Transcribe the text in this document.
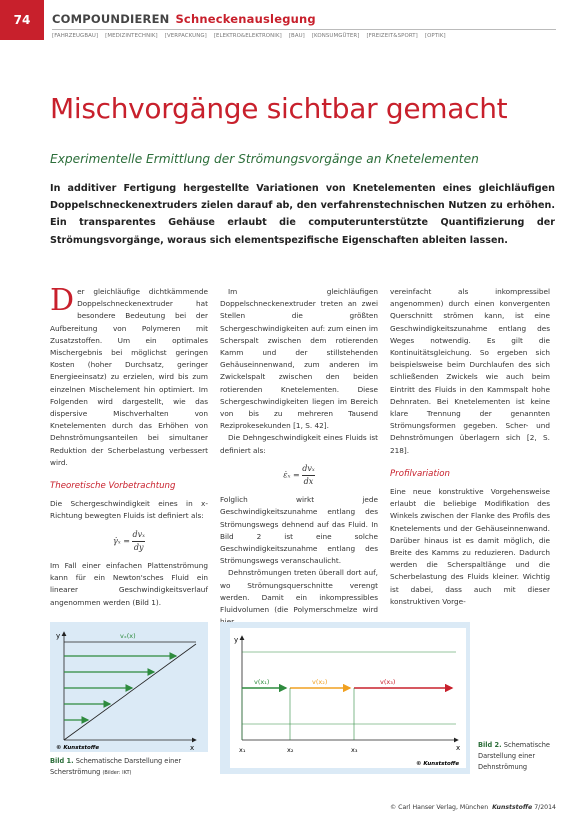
74	COMPOUNDIEREN Schneckenauslegung
[FAHRZEUGBAU] [MEDIZINTECHNIK] [VERPACKUNG] [ELEKTRO&ELEKTRONIK] [BAU] [KONSUMGÜTER] [FREIZEIT&SPORT] [OPTIK]
Mischvorgänge sichtbar gemacht
Experimentelle Ermittlung der Strömungsvorgänge an Knetelementen
In additiver Fertigung hergestellte Variationen von Knetelementen eines gleichläufigen Doppelschneckenextruders zielen darauf ab, den verfahrenstechnischen Nutzen zu erhöhen. Ein transparentes Gehäuse erlaubt die computerunterstützte Quantifizierung der Strömungsvorgänge, woraus sich elementspezifische Eigenschaften ableiten lassen.

Der gleichläufige dichtkämmende Doppelschneckenextruder hat besondere Bedeutung bei der Aufbereitung von Polymeren mit Zusatzstoffen. Um ein optimales Mischergebnis bei möglichst geringen Kosten (hoher Durchsatz, geringer Energieeinsatz) zu erzielen, wird bis zum einzelnen Mischelement hin optimiert. Im Folgenden wird dargestellt, wie das dispersive Mischverhalten von Knetelementen durch das Erhöhen von Dehnströmungsanteilen bei simultaner Reduktion der Scherbelastung verbessert wird.

Theoretische Vorbetrachtung

Die Schergeschwindigkeit eines in x-Richtung bewegten Fluids ist definiert als:

γ̇ₓ =
dvₓ
dy

Im Fall einer einfachen Plattenströmung kann für ein Newton'sches Fluid ein linearer Geschwindigkeitsverlauf angenommen werden (Bild 1).

Im gleichläufigen Doppelschneckenextruder treten an zwei Stellen die größten Schergeschwindigkeiten auf: zum einen im Scherspalt zwischen dem rotierenden Kamm und der stillstehenden Gehäuseinnenwand, zum anderen im Zwickelspalt zwischen den beiden rotierenden Knetelementen. Diese Schergeschwindigkeiten liegen im Bereich von bis zu mehreren Tausend Reziprokesekunden [1, S. 42].

Die Dehngeschwindigkeit eines Fluids ist definiert als:

ε̇ₓ =
dvₓ
dx

Folglich wirkt jede Geschwindigkeitszunahme entlang des Strömungswegs dehnend auf das Fluid. In Bild 2 ist eine solche Geschwindigkeitszunahme entlang des Strömungswegs veranschaulicht.

Dehnströmungen treten überall dort auf, wo Strömungsquerschnitte verengt werden. Damit ein inkompressibles Fluidvolumen (die Polymerschmelze wird

vereinfacht als inkompressibel angenommen) durch einen konvergenten Querschnitt strömen kann, ist eine Geschwindigkeitszunahme entlang des Weges notwendig. Es gilt die Kontinuitätsgleichung. So ergeben sich beispielsweise beim Durchlaufen des sich schließenden Zwickels wie auch beim Eintritt des Fluids in den Kammspalt hohe Dehnraten. Bei Knetelementen ist keine klare Trennung der genannten Strömungsformen gegeben. Scher- und Dehnströmungen überlagern sich [2, S. 218].

Profilvariation

Eine neue konstruktive Vorgehensweise erlaubt die beliebige Modifikation des Winkels zwischen der Flanke des Profils des Knetelements und der Gehäuseinnenwand. Darüber hinaus ist es damit möglich, die Breite des Kamms zu reduzieren. Dadurch werden die Scherspaltlänge und die Scherbelastung des Fluids kleiner. Wichtig ist dabei, dass auch mit dieser konstruktiven Vorge-

y
x
vₓ(x)
© Kunststoffe
Bild 1. Schematische Darstellung einer Scherströmung (Bilder: IKT)
y
x
v(x₁)	v(x₂)	v(x₃)
x₁	x₂	x₃
© Kunststoffe
Bild 2. Schematische Darstellung einer Dehnströmung
© Carl Hanser Verlag, München Kunststoffe 7/2014
